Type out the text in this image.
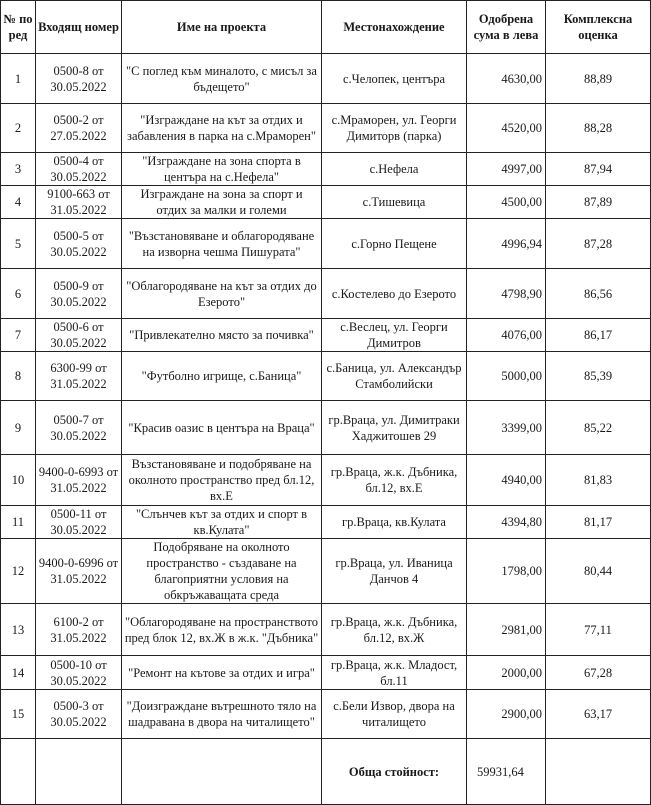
№ по ред	Входящ номер	Име на проекта	Местонахождение	Одобрена сума в лева	Комплексна оценка
1	0500-8 от 30.05.2022	"С поглед към миналото, с мисъл за бъдещето"	с.Челопек, центъра	4630,00	88,89
2	0500-2 от 27.05.2022	"Изграждане на кът за отдих и забавления в парка на с.Мраморен"	с.Мраморен, ул. Георги Димиторв (парка)	4520,00	88,28
3	0500-4 от 30.05.2022	"Изграждане на зона спорта в центъра на с.Нефела"	с.Нефела	4997,00	87,94
4	9100-663 от 31.05.2022	Изграждане на зона за спорт и отдих за малки и големи	с.Тишевица	4500,00	87,89
5	0500-5 от 30.05.2022	"Възстановяване и облагородяване на изворна чешма Пишурата"	с.Горно Пещене	4996,94	87,28
6	0500-9 от 30.05.2022	"Облагородяване на кът за отдих до Езерото"	с.Костелево до Езерото	4798,90	86,56
7	0500-6 от 30.05.2022	"Привлекателно място за почивка"	с.Веслец, ул. Георги Димитров	4076,00	86,17
8	6300-99 от 31.05.2022	"Футболно игрище, с.Баница"	с.Баница, ул. Александър Стамболийски	5000,00	85,39
9	0500-7 от 30.05.2022	"Красив оазис в центъра на Враца"	гр.Враца, ул. Димитраки Хаджитошев 29	3399,00	85,22
10	9400-0-6993 от 31.05.2022	Възстановяване и подобряване на околното пространство пред бл.12, вх.Е	гр.Враца, ж.к. Дъбника, бл.12, вх.Е	4940,00	81,83
11	0500-11 от 30.05.2022	"Слънчев кът за отдих и спорт в кв.Кулата"	гр.Враца, кв.Кулата	4394,80	81,17
12	9400-0-6996 от 31.05.2022	Подобряване на околното пространство - създаване на благоприятни условия на обкръжаващата среда	гр.Враца, ул. Иваница Данчов 4	1798,00	80,44
13	6100-2 от 31.05.2022	"Облагородяване на пространството пред блок 12, вх.Ж в ж.к. "Дъбника"	гр.Враца, ж.к. Дъбника, бл.12, вх.Ж	2981,00	77,11
14	0500-10 от 30.05.2022	"Ремонт на кътове за отдих и игра"	гр.Враца, ж.к. Младост, бл.11	2000,00	67,28
15	0500-3 от 30.05.2022	"Доизграждане вътрешното тяло на шадравана в двора на читалището"	с.Бели Извор, двора на читалището	2900,00	63,17
			Обща стойност:	59931,64	
